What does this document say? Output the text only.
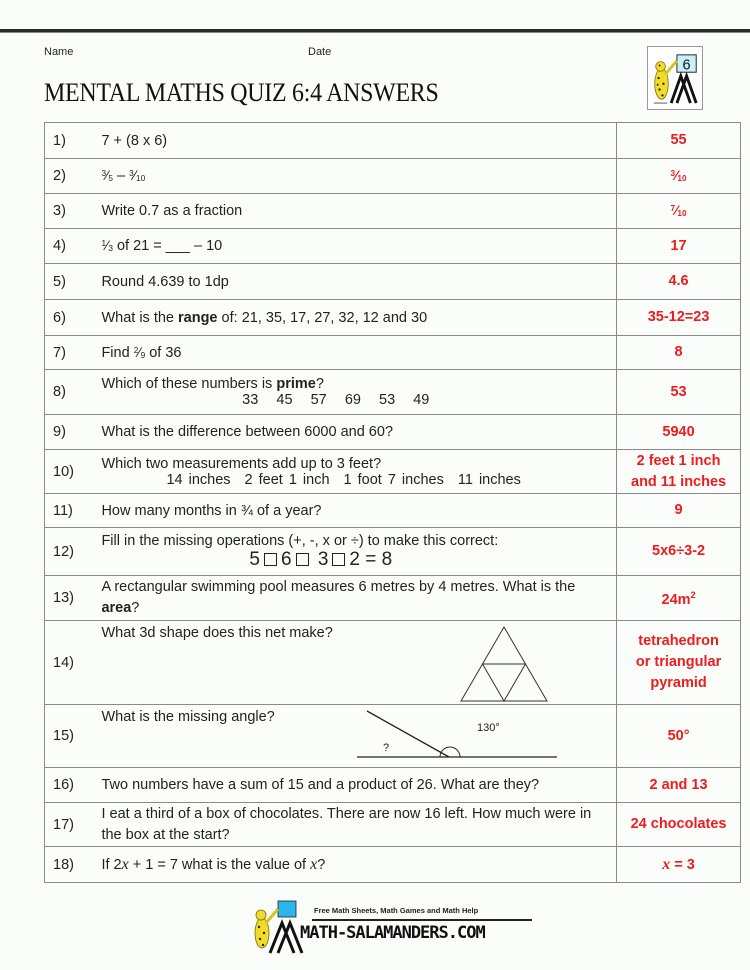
Name	Date
MENTAL MATHS QUIZ 6:4 ANSWERS
6
1)	7 + (8 x 6)	55
2)	$^3⁄_5$ – $^3⁄_{10}$	$^3⁄_{10}$
3)	Write 0.7 as a fraction	$^7⁄_{10}$
4)	$^1⁄_3$ of 21 = ___ – 10	17
5)	Round 4.639 to 1dp	4.6
6)	What is the range of: 21, 35, 17, 27, 32, 12 and 30	35-12=23
7)	Find $^2⁄_9$ of 36	8
8)	Which of these numbers is prime?
33   45   57   69   53   49	53
9)	What is the difference between 6000 and 60?	5940
10)	Which two measurements add up to 3 feet?
14 inches 2 feet 1 inch 1 foot 7 inches 11 inches	2 feet 1 inch
and 11 inches

11)	How many months in ¾ of a year?	9
12)	Fill in the missing operations (+, -, x or ÷) to make this correct:
5 6 3 2 = 8	5x6÷3-2
13)	A rectangular swimming pool measures 6 metres by 4 metres. What is the area?	$24m^2$
14)	What 3d shape does this net make?	tetrahedron
or triangular
pyramid

15)	What is the missing angle?
130°
?	50°
16)	Two numbers have a sum of 15 and a product of 26. What are they?	2 and 13
17)	I eat a third of a box of chocolates. There are now 16 left. How much were in the box at the start?	24 chocolates
18)	If 2x + 1 = 7 what is the value of x?	x = 3
Free Math Sheets, Math Games and Math Help
MATH-SALAMANDERS.COM
